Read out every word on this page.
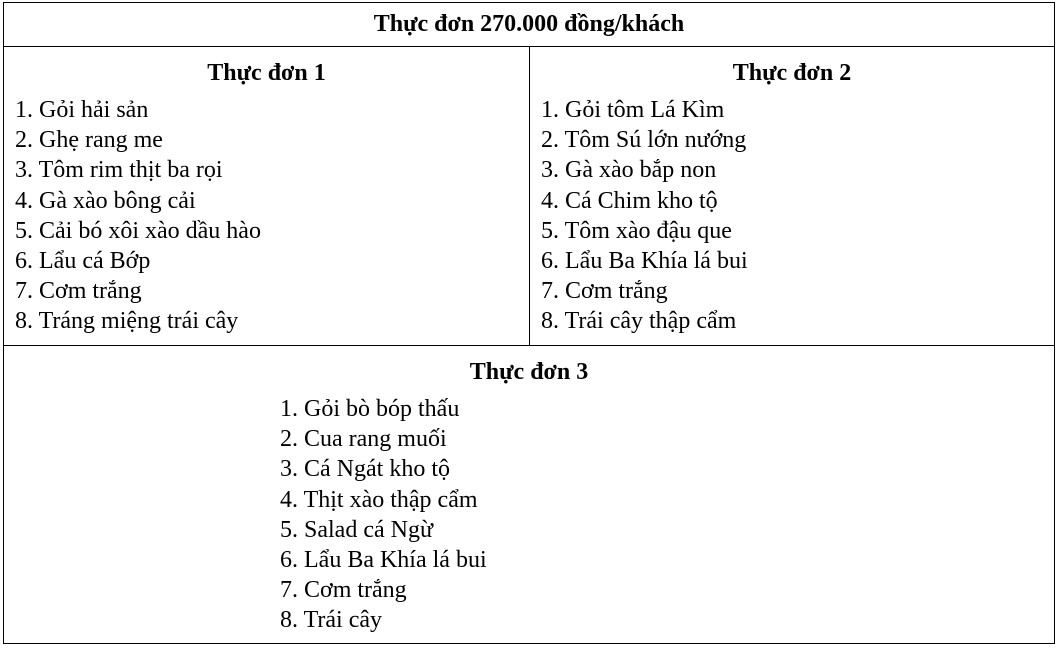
Thực đơn 270.000 đồng/khách
Thực đơn 1
1. Gỏi hải sản
2. Ghẹ rang me
3. Tôm rim thịt ba rọi
4. Gà xào bông cải
5. Cải bó xôi xào dầu hào
6. Lẩu cá Bớp
7. Cơm trắng
8. Tráng miệng trái cây
Thực đơn 2
1. Gỏi tôm Lá Kìm
2. Tôm Sú lớn nướng
3. Gà xào bắp non
4. Cá Chim kho tộ
5. Tôm xào đậu que
6. Lẩu Ba Khía lá bui
7. Cơm trắng
8. Trái cây thập cẩm
Thực đơn 3
1. Gỏi bò bóp thấu
2. Cua rang muối
3. Cá Ngát kho tộ
4. Thịt xào thập cẩm
5. Salad cá Ngừ
6. Lẩu Ba Khía lá bui
7. Cơm trắng
8. Trái cây
